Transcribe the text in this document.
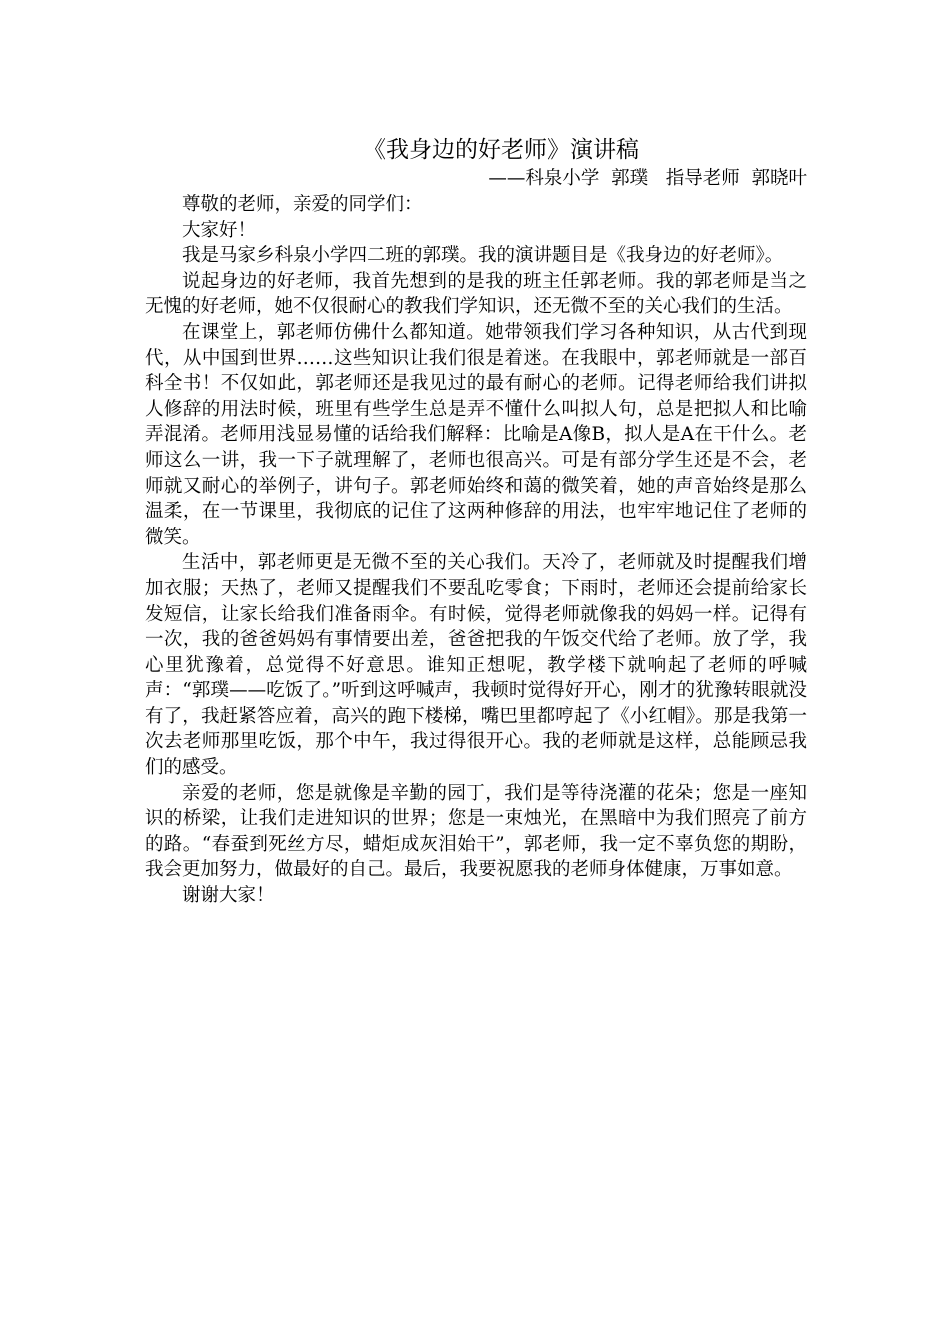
《我身边的好老师》演讲稿

——科泉小学  郭璞   指导老师  郭晓叶

尊敬的老师，亲爱的同学们：

大家好！

我是马家乡科泉小学四二班的郭璞。我的演讲题目是《我身边的好老师》。

说起身边的好老师，我首先想到的是我的班主任郭老师。我的郭老师是当之无愧的好老师，她不仅很耐心的教我们学知识，还无微不至的关心我们的生活。

在课堂上，郭老师仿佛什么都知道。她带领我们学习各种知识，从古代到现代，从中国到世界……这些知识让我们很是着迷。在我眼中，郭老师就是一部百科全书！不仅如此，郭老师还是我见过的最有耐心的老师。记得老师给我们讲拟人修辞的用法时候，班里有些学生总是弄不懂什么叫拟人句，总是把拟人和比喻弄混淆。老师用浅显易懂的话给我们解释：比喻是A像B，拟人是A在干什么。老师这么一讲，我一下子就理解了，老师也很高兴。可是有部分学生还是不会，老师就又耐心的举例子，讲句子。郭老师始终和蔼的微笑着，她的声音始终是那么温柔，在一节课里，我彻底的记住了这两种修辞的用法，也牢牢地记住了老师的微笑。

生活中，郭老师更是无微不至的关心我们。天冷了，老师就及时提醒我们增加衣服；天热了，老师又提醒我们不要乱吃零食；下雨时，老师还会提前给家长发短信，让家长给我们准备雨伞。有时候，觉得老师就像我的妈妈一样。记得有一次，我的爸爸妈妈有事情要出差，爸爸把我的午饭交代给了老师。放了学，我心里犹豫着，总觉得不好意思。谁知正想呢，教学楼下就响起了老师的呼喊声：“郭璞——吃饭了。”听到这呼喊声，我顿时觉得好开心，刚才的犹豫转眼就没有了，我赶紧答应着，高兴的跑下楼梯，嘴巴里都哼起了《小红帽》。那是我第一次去老师那里吃饭，那个中午，我过得很开心。我的老师就是这样，总能顾忌我们的感受。

亲爱的老师，您是就像是辛勤的园丁，我们是等待浇灌的花朵；您是一座知识的桥梁，让我们走进知识的世界；您是一束烛光，在黑暗中为我们照亮了前方的路。“春蚕到死丝方尽，蜡炬成灰泪始干”，郭老师，我一定不辜负您的期盼，我会更加努力，做最好的自己。最后，我要祝愿我的老师身体健康，万事如意。

谢谢大家！
